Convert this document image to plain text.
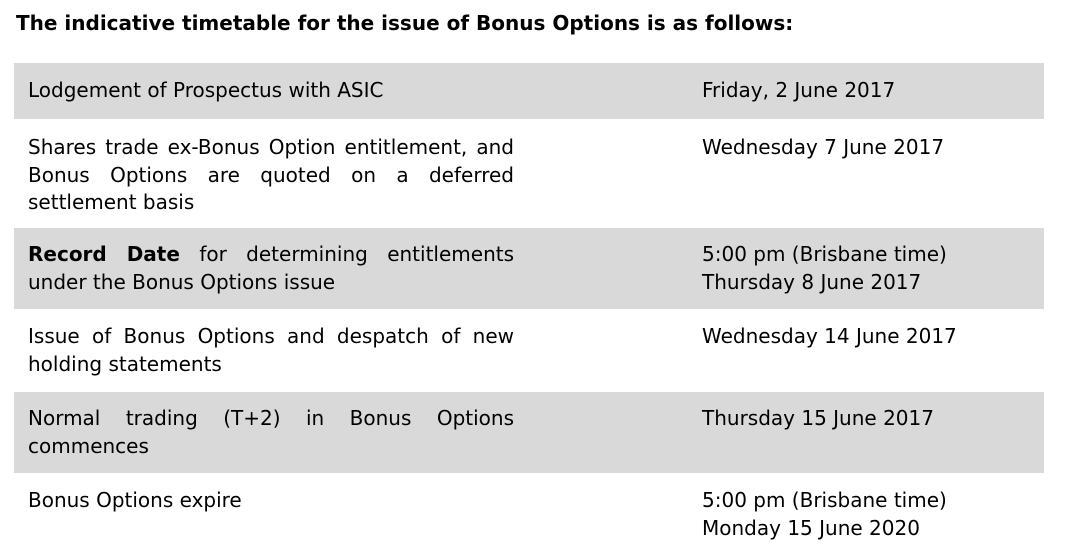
The indicative timetable for the issue of Bonus Options is as follows:
Lodgement of Prospectus with ASIC	Friday, 2 June 2017
Shares trade ex-Bonus Option entitlement, and Bonus Options are quoted on a deferred settlement basis
Wednesday 7 June 2017
Record Date for determining entitlements under the Bonus Options issue
5:00 pm (Brisbane time)
Thursday 8 June 2017
Issue of Bonus Options and despatch of new holding statements
Wednesday 14 June 2017
Normal trading (T+2) in Bonus Options commences
Thursday 15 June 2017
Bonus Options expire	5:00 pm (Brisbane time)
Monday 15 June 2020
